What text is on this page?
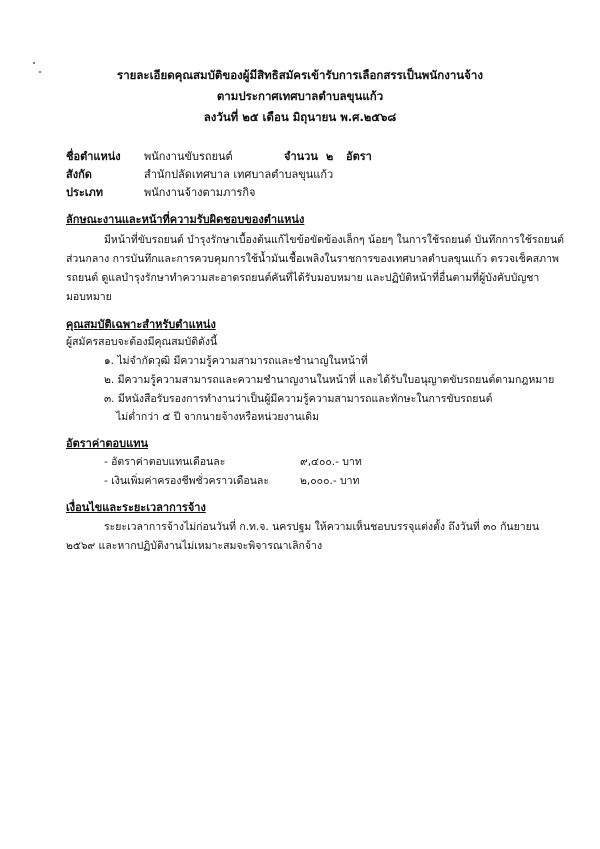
รายละเอียดคุณสมบัติของผู้มีสิทธิสมัครเข้ารับการเลือกสรรเป็นพนักงานจ้าง
ตามประกาศเทศบาลตำบลขุนแก้ว
ลงวันที่ ๒๕ เดือน มิถุนายน พ.ศ.๒๕๖๘
ชื่อตำแหน่ง พนักงานขับรถยนต์	จำนวน ๒ อัตรา
สังกัด	สำนักปลัดเทศบาล เทศบาลตำบลขุนแก้ว
ประเภท	พนักงานจ้างตามภารกิจ
ลักษณะงานและหน้าที่ความรับผิดชอบของตำแหน่ง
มีหน้าที่ขับรถยนต์ บำรุงรักษาเบื้องต้นแก้ไขข้อขัดข้องเล็กๆ น้อยๆ ในการใช้รถยนต์ บันทึกการใช้รถยนต์
ส่วนกลาง การบันทึกและการควบคุมการใช้น้ำมันเชื้อเพลิงในราชการของเทศบาลตำบลขุนแก้ว ตรวจเช็คสภาพ
รถยนต์ ดูแลบำรุงรักษาทำความสะอาดรถยนต์คันที่ได้รับมอบหมาย และปฏิบัติหน้าที่อื่นตามที่ผู้บังคับบัญชา
มอบหมาย
คุณสมบัติเฉพาะสำหรับตำแหน่ง
ผู้สมัครสอบจะต้องมีคุณสมบัติดังนี้
๑. ไม่จำกัดวุฒิ มีความรู้ความสามารถและชำนาญในหน้าที่
๒. มีความรู้ความสามารถและความชำนาญงานในหน้าที่ และได้รับใบอนุญาตขับรถยนต์ตามกฎหมาย
๓. มีหนังสือรับรองการทำงานว่าเป็นผู้มีความรู้ความสามารถและทักษะในการขับรถยนต์
ไม่ต่ำกว่า ๕ ปี จากนายจ้างหรือหน่วยงานเดิม
อัตราค่าตอบแทน
- อัตราค่าตอบแทนเดือนละ	๙,๔๐๐.- บาท
- เงินเพิ่มค่าครองชีพชั่วคราวเดือนละ	๒,๐๐๐.- บาท
เงื่อนไขและระยะเวลาการจ้าง
ระยะเวลาการจ้างไม่ก่อนวันที่ ก.ท.จ. นครปฐม ให้ความเห็นชอบบรรจุแต่งตั้ง ถึงวันที่ ๓๐ กันยายน
๒๕๖๙ และหากปฏิบัติงานไม่เหมาะสมจะพิจารณาเลิกจ้าง
